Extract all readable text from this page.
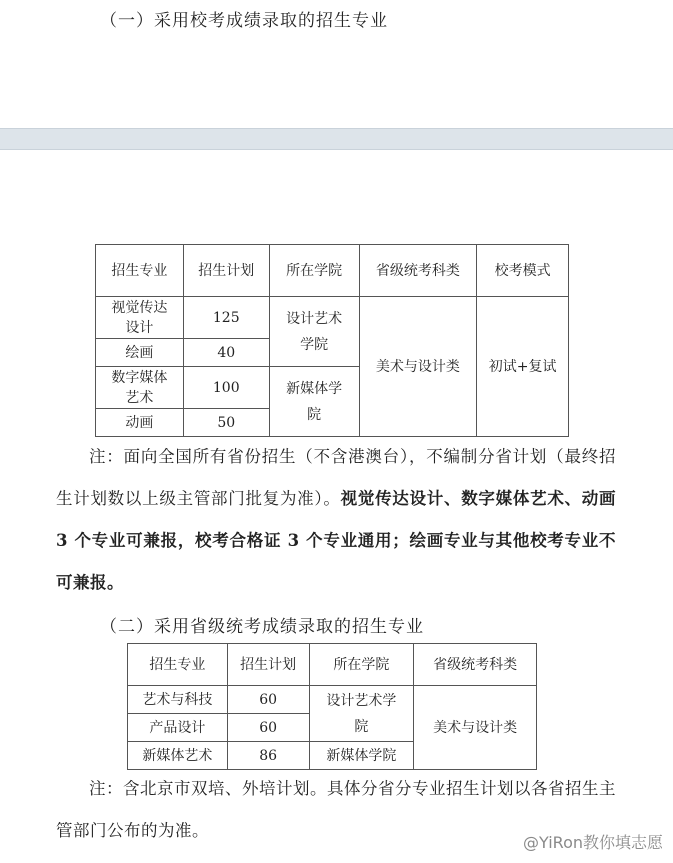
（一）采用校考成绩录取的招生专业
招生专业	招生计划	所在学院	省级统考科类	校考模式
视觉传达设计	125	设计艺术学院	美术与设计类	初试+复试
绘画	40			
数字媒体艺术	100	新媒体学院		
动画	50			
注：面向全国所有省份招生（不含港澳台），不编制分省计划（最终招生计划数以上级主管部门批复为准）。视觉传达设计、数字媒体艺术、动画 3 个专业可兼报，校考合格证 3 个专业通用；绘画专业与其他校考专业不可兼报。
（二）采用省级统考成绩录取的招生专业
招生专业	招生计划	所在学院	省级统考科类
艺术与科技	60	设计艺术学院	美术与设计类
产品设计	60		
新媒体艺术	86	新媒体学院	
注：含北京市双培、外培计划。具体分省分专业招生计划以各省招生主管部门公布的为准。
@YiRon教你填志愿
